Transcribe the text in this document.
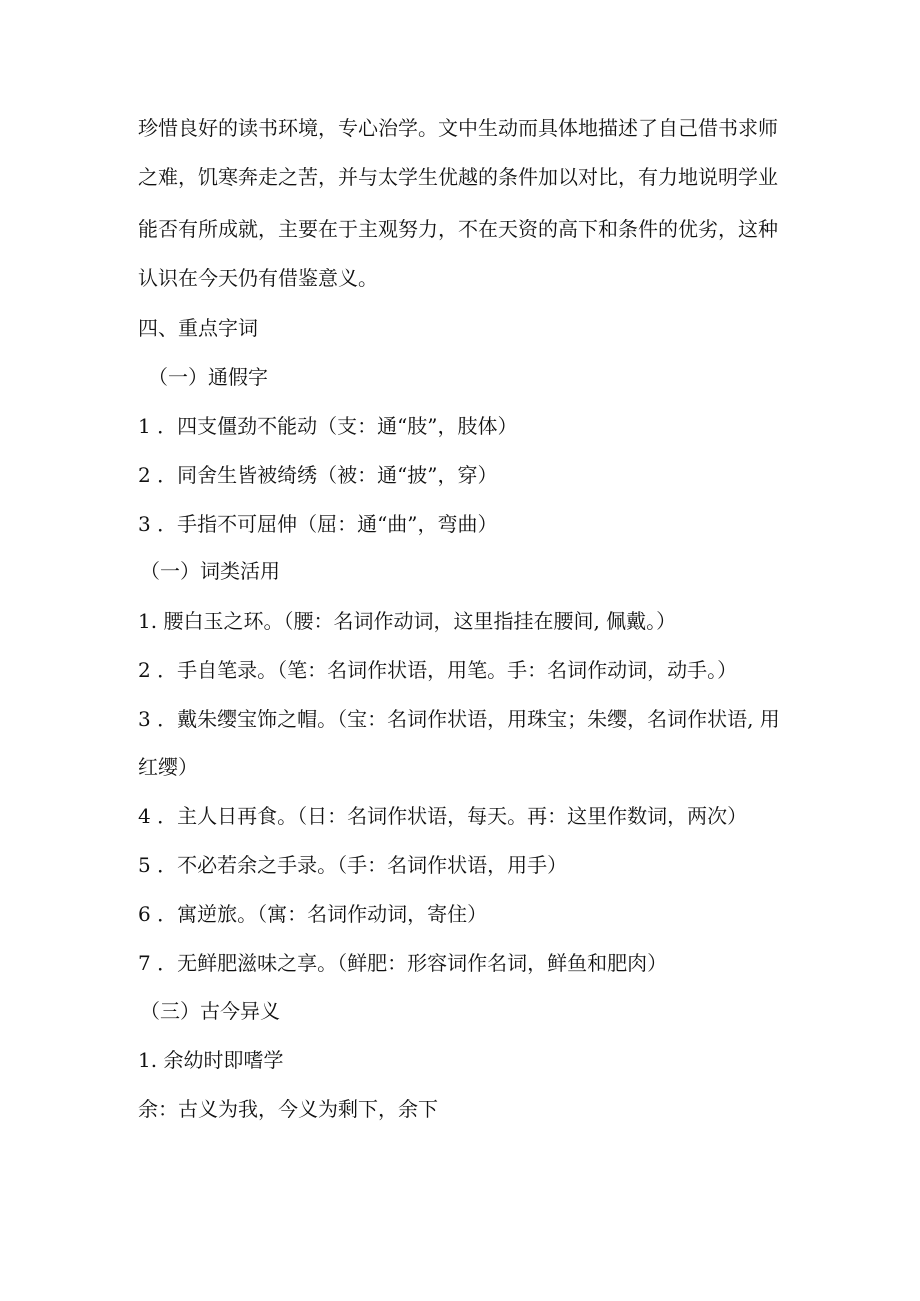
珍惜良好的读书环境，专心治学。文中生动而具体地描述了自己借书求师
之难，饥寒奔走之苦，并与太学生优越的条件加以对比，有力地说明学业
能否有所成就，主要在于主观努力，不在天资的高下和条件的优劣，这种
认识在今天仍有借鉴意义。
四、重点字词
（一）通假字
1 ．四支僵劲不能动（支：通“肢”，肢体）
2 ．同舍生皆被绮绣（被：通“披”，穿）
3 ．手指不可屈伸（屈：通“曲”，弯曲）
（一）词类活用
1. 腰白玉之环。（腰：名词作动词，这里指挂在腰间, 佩戴。）
2 ．手自笔录。（笔：名词作状语，用笔。手：名词作动词，动手。）
3 ．戴朱缨宝饰之帽。（宝：名词作状语，用珠宝；朱缨，名词作状语, 用
红缨）
4 ．主人日再食。（日：名词作状语，每天。再：这里作数词，两次）
5 ．不必若余之手录。（手：名词作状语，用手）
6 ．寓逆旅。（寓：名词作动词，寄住）
7 ．无鲜肥滋味之享。（鲜肥：形容词作名词，鲜鱼和肥肉）
（三）古今异义
1. 余幼时即嗜学
余：古义为我，今义为剩下，余下
